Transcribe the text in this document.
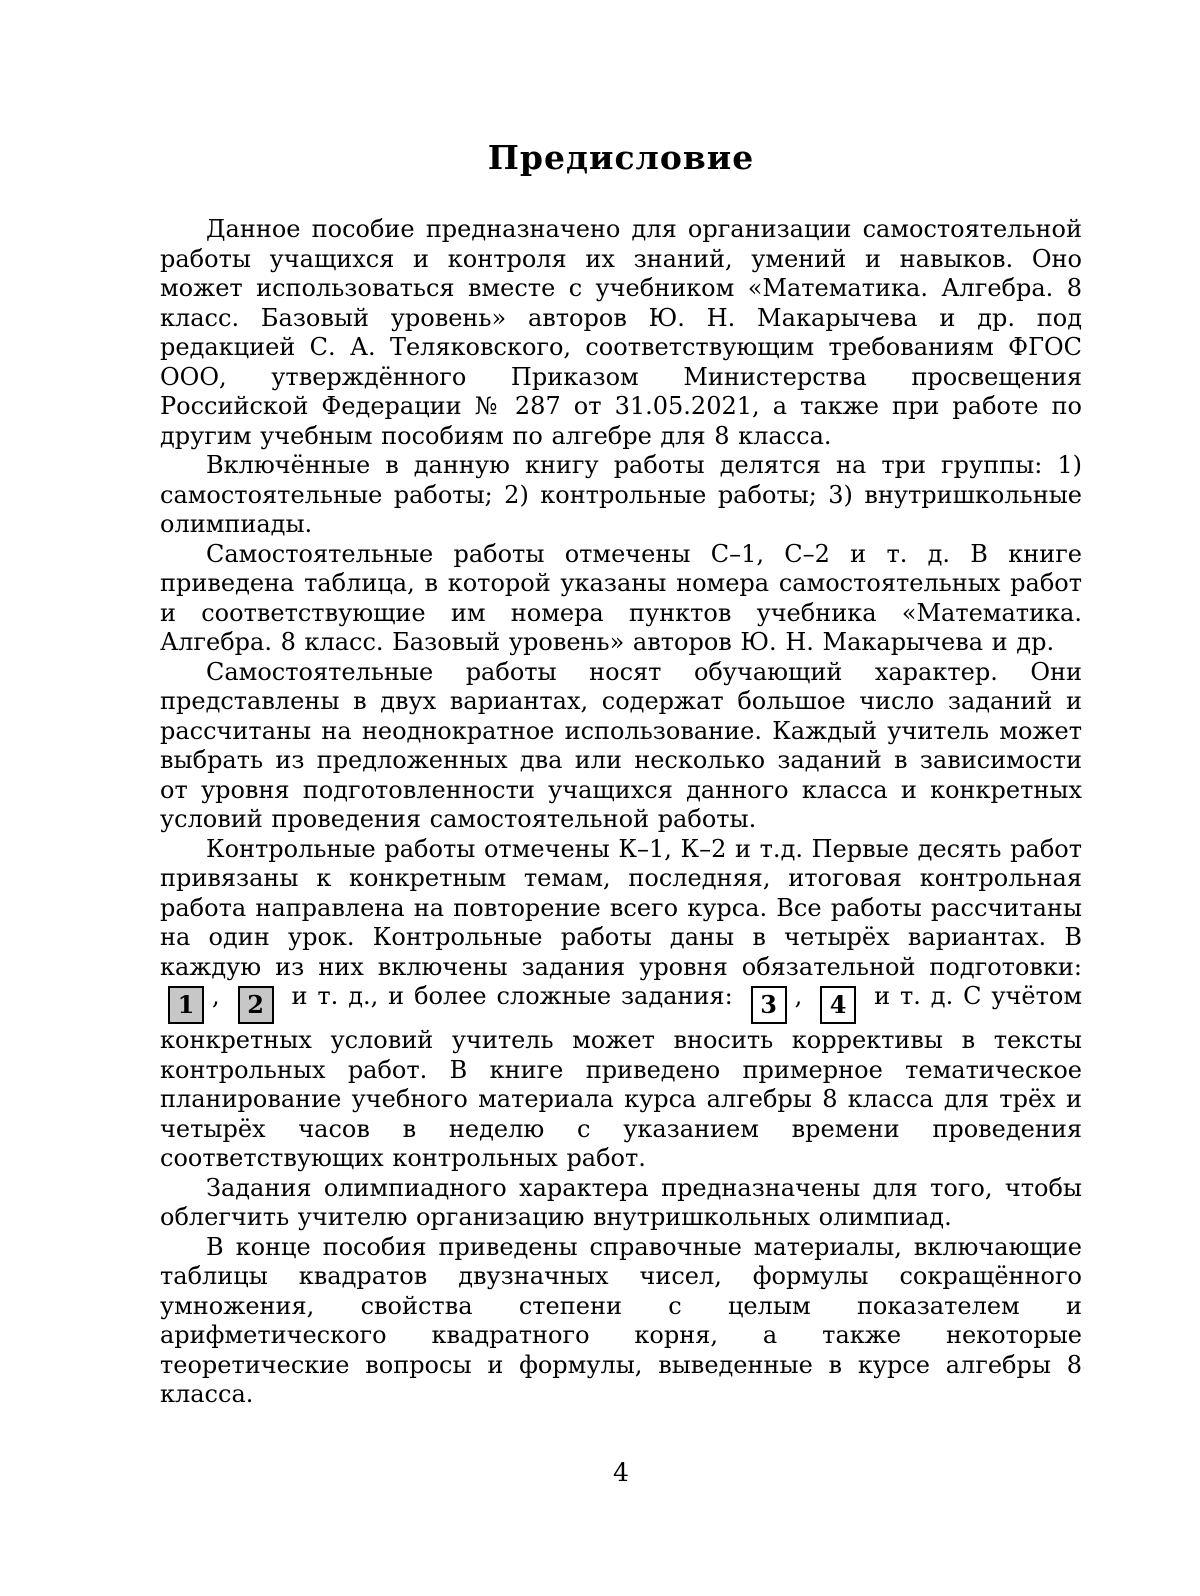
Предисловие

Данное пособие предназначено для организации самостоятельной работы учащихся и контроля их знаний, умений и навыков. Оно может использоваться вместе с учебником «Математика. Алгебра. 8 класс. Базовый уровень» авторов Ю. Н. Макарычева и др. под редакцией С. А. Теляковского, соответствующим требованиям ФГОС ООО, утверждённого Приказом Министерства просвещения Российской Федерации № 287 от 31.05.2021, а также при работе по другим учебным пособиям по алгебре для 8 класса.

Включённые в данную книгу работы делятся на три группы: 1) самостоятельные работы; 2) контрольные работы; 3) внутришкольные олимпиады.

Самостоятельные работы отмечены С–1, С–2 и т. д. В книге приведена таблица, в которой указаны номера самостоятельных работ и соответствующие им номера пунктов учебника «Математика. Алгебра. 8 класс. Базовый уровень» авторов Ю. Н. Макарычева и др.

Самостоятельные работы носят обучающий характер. Они представлены в двух вариантах, содержат большое число заданий и рассчитаны на неоднократное использование. Каждый учитель может выбрать из предложенных два или несколько заданий в зависимости от уровня подготовленности учащихся данного класса и конкретных условий проведения самостоятельной работы.

Контрольные работы отмечены К–1, К–2 и т.д. Первые десять работ привязаны к конкретным темам, последняя, итоговая контрольная работа направлена на повторение всего курса. Все работы рассчитаны на один урок. Контрольные работы даны в четырёх вариантах. В каждую из них включены задания уровня обязательной подготовки: 1 , 2 и т. д., и более сложные задания: 3 , 4 и т. д. С учётом конкретных условий учитель может вносить коррективы в тексты контрольных работ. В книге приведено примерное тематическое планирование учебного материала курса алгебры 8 класса для трёх и четырёх часов в неделю с указанием времени проведения соответствующих контрольных работ.

Задания олимпиадного характера предназначены для того, чтобы облегчить учителю организацию внутришкольных олимпиад.

В конце пособия приведены справочные материалы, включающие таблицы квадратов двузначных чисел, формулы сокращённого умножения, свойства степени с целым показателем и арифметического квадратного корня, а также некоторые теоретические вопросы и формулы, выведенные в курсе алгебры 8 класса.

4
